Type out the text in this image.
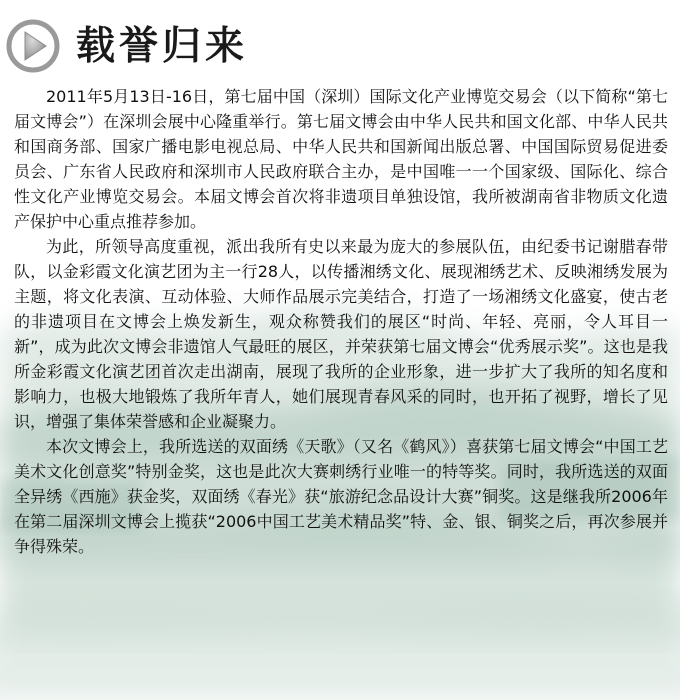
载誉归来

2011年5月13日-16日，第七届中国（深圳）国际文化产业博览交易会（以下简称“第七届文博会”）在深圳会展中心隆重举行。第七届文博会由中华人民共和国文化部、中华人民共和国商务部、国家广播电影电视总局、中华人民共和国新闻出版总署、中国国际贸易促进委员会、广东省人民政府和深圳市人民政府联合主办，是中国唯一一个国家级、国际化、综合性文化产业博览交易会。本届文博会首次将非遗项目单独设馆，我所被湖南省非物质文化遗产保护中心重点推荐参加。

为此，所领导高度重视，派出我所有史以来最为庞大的参展队伍，由纪委书记谢腊春带队，以金彩霞文化演艺团为主一行28人，以传播湘绣文化、展现湘绣艺术、反映湘绣发展为主题，将文化表演、互动体验、大师作品展示完美结合，打造了一场湘绣文化盛宴，使古老的非遗项目在文博会上焕发新生，观众称赞我们的展区“时尚、年轻、亮丽，令人耳目一新”，成为此次文博会非遗馆人气最旺的展区，并荣获第七届文博会“优秀展示奖”。这也是我所金彩霞文化演艺团首次走出湖南，展现了我所的企业形象，进一步扩大了我所的知名度和影响力，也极大地锻炼了我所年青人，她们展现青春风采的同时，也开拓了视野，增长了见识，增强了集体荣誉感和企业凝聚力。

本次文博会上，我所选送的双面绣《天歌》（又名《鹤风》）喜获第七届文博会“中国工艺美术文化创意奖”特别金奖，这也是此次大赛刺绣行业唯一的特等奖。同时，我所选送的双面全异绣《西施》获金奖，双面绣《春光》获“旅游纪念品设计大赛”铜奖。这是继我所2006年在第二届深圳文博会上揽获“2006中国工艺美术精品奖”特、金、银、铜奖之后，再次参展并争得殊荣。
